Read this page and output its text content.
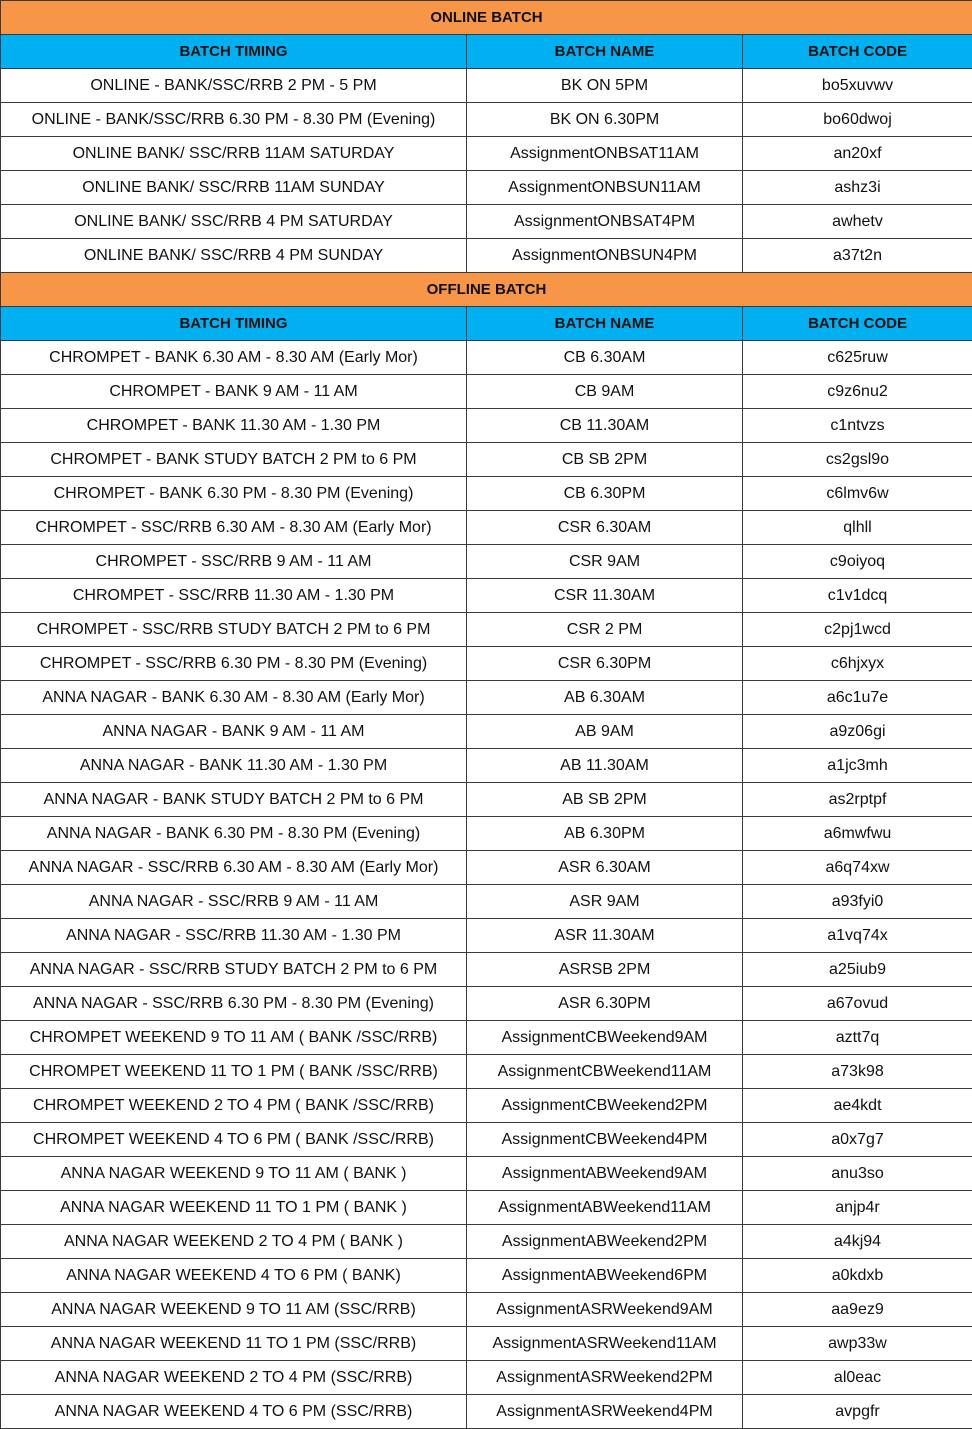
ONLINE BATCH		
BATCH TIMING	BATCH NAME	BATCH CODE
ONLINE - BANK/SSC/RRB 2 PM - 5 PM	BK ON 5PM	bo5xuvwv
ONLINE - BANK/SSC/RRB 6.30 PM - 8.30 PM (Evening)	BK ON 6.30PM	bo60dwoj
ONLINE BANK/ SSC/RRB 11AM SATURDAY	AssignmentONBSAT11AM	an20xf
ONLINE BANK/ SSC/RRB 11AM SUNDAY	AssignmentONBSUN11AM	ashz3i
ONLINE BANK/ SSC/RRB 4 PM SATURDAY	AssignmentONBSAT4PM	awhetv
ONLINE BANK/ SSC/RRB 4 PM SUNDAY	AssignmentONBSUN4PM	a37t2n
OFFLINE BATCH		
BATCH TIMING	BATCH NAME	BATCH CODE
CHROMPET - BANK 6.30 AM - 8.30 AM (Early Mor)	CB 6.30AM	c625ruw
CHROMPET - BANK 9 AM - 11 AM	CB 9AM	c9z6nu2
CHROMPET - BANK 11.30 AM - 1.30 PM	CB 11.30AM	c1ntvzs
CHROMPET - BANK STUDY BATCH 2 PM to 6 PM	CB SB 2PM	cs2gsl9o
CHROMPET - BANK 6.30 PM - 8.30 PM (Evening)	CB 6.30PM	c6lmv6w
CHROMPET - SSC/RRB 6.30 AM - 8.30 AM (Early Mor)	CSR 6.30AM	qlhll
CHROMPET - SSC/RRB 9 AM - 11 AM	CSR 9AM	c9oiyoq
CHROMPET - SSC/RRB 11.30 AM - 1.30 PM	CSR 11.30AM	c1v1dcq
CHROMPET - SSC/RRB STUDY BATCH 2 PM to 6 PM	CSR 2 PM	c2pj1wcd
CHROMPET - SSC/RRB 6.30 PM - 8.30 PM (Evening)	CSR 6.30PM	c6hjxyx
ANNA NAGAR - BANK 6.30 AM - 8.30 AM (Early Mor)	AB 6.30AM	a6c1u7e
ANNA NAGAR - BANK 9 AM - 11 AM	AB 9AM	a9z06gi
ANNA NAGAR - BANK 11.30 AM - 1.30 PM	AB 11.30AM	a1jc3mh
ANNA NAGAR - BANK STUDY BATCH 2 PM to 6 PM	AB SB 2PM	as2rptpf
ANNA NAGAR - BANK 6.30 PM - 8.30 PM (Evening)	AB 6.30PM	a6mwfwu
ANNA NAGAR - SSC/RRB 6.30 AM - 8.30 AM (Early Mor)	ASR 6.30AM	a6q74xw
ANNA NAGAR - SSC/RRB 9 AM - 11 AM	ASR 9AM	a93fyi0
ANNA NAGAR - SSC/RRB 11.30 AM - 1.30 PM	ASR 11.30AM	a1vq74x
ANNA NAGAR - SSC/RRB STUDY BATCH 2 PM to 6 PM	ASRSB 2PM	a25iub9
ANNA NAGAR - SSC/RRB 6.30 PM - 8.30 PM (Evening)	ASR 6.30PM	a67ovud
CHROMPET WEEKEND 9 TO 11 AM ( BANK /SSC/RRB)	AssignmentCBWeekend9AM	aztt7q
CHROMPET WEEKEND 11 TO 1 PM ( BANK /SSC/RRB)	AssignmentCBWeekend11AM	a73k98
CHROMPET WEEKEND 2 TO 4 PM ( BANK /SSC/RRB)	AssignmentCBWeekend2PM	ae4kdt
CHROMPET WEEKEND 4 TO 6 PM ( BANK /SSC/RRB)	AssignmentCBWeekend4PM	a0x7g7
ANNA NAGAR WEEKEND 9 TO 11 AM ( BANK )	AssignmentABWeekend9AM	anu3so
ANNA NAGAR WEEKEND 11 TO 1 PM ( BANK )	AssignmentABWeekend11AM	anjp4r
ANNA NAGAR WEEKEND 2 TO 4 PM ( BANK )	AssignmentABWeekend2PM	a4kj94
ANNA NAGAR WEEKEND 4 TO 6 PM ( BANK)	AssignmentABWeekend6PM	a0kdxb
ANNA NAGAR WEEKEND 9 TO 11 AM (SSC/RRB)	AssignmentASRWeekend9AM	aa9ez9
ANNA NAGAR WEEKEND 11 TO 1 PM (SSC/RRB)	AssignmentASRWeekend11AM	awp33w
ANNA NAGAR WEEKEND 2 TO 4 PM (SSC/RRB)	AssignmentASRWeekend2PM	al0eac
ANNA NAGAR WEEKEND 4 TO 6 PM (SSC/RRB)	AssignmentASRWeekend4PM	avpgfr
